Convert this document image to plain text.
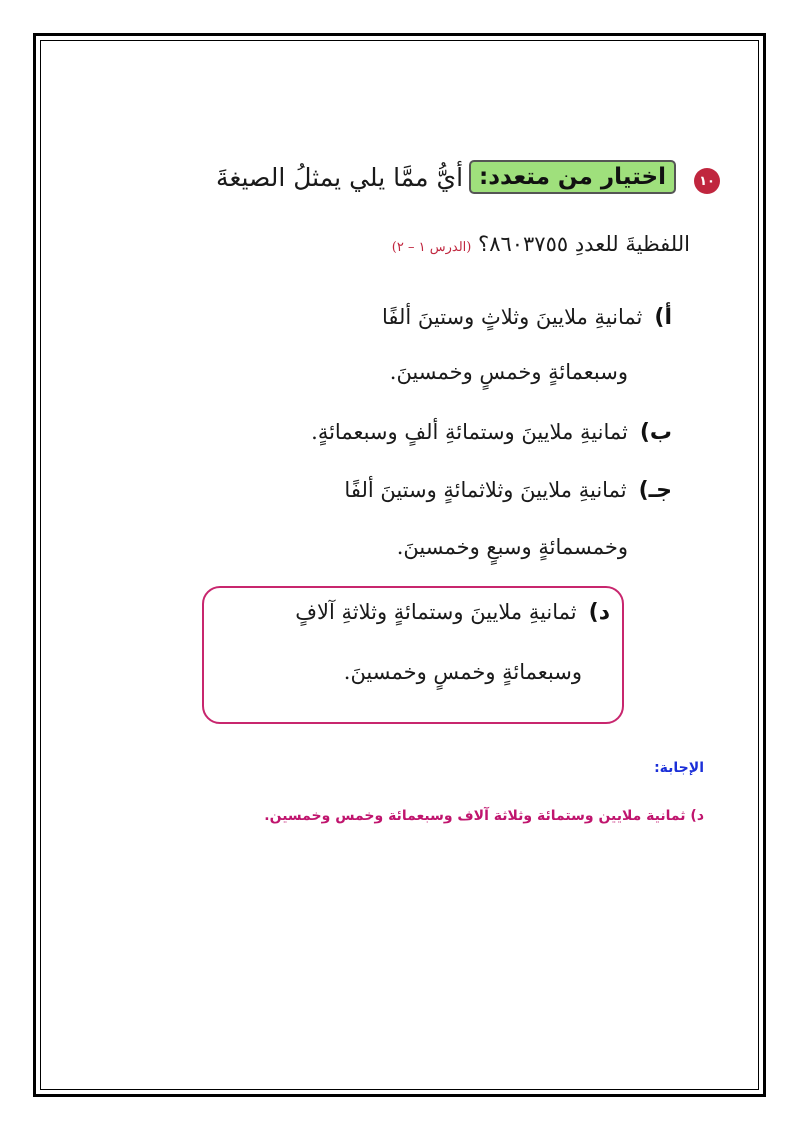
١٠
اختيار من متعدد:
أيُّ ممَّا يلي يمثلُ الصيغةَ
اللفظيةَ للعددِ ٨٦٠٣٧٥٥؟ (الدرس ١ – ٢)
أ)ثمانيةِ ملايينَ وثلاثٍ وستينَ ألفًا
وسبعمائةٍ وخمسٍ وخمسينَ.
ب)ثمانيةِ ملايينَ وستمائةِ ألفٍ وسبعمائةٍ.
جـ)ثمانيةِ ملايينَ وثلاثمائةٍ وستينَ ألفًا
وخمسمائةٍ وسبعٍ وخمسينَ.
د)ثمانيةِ ملايينَ وستمائةٍ وثلاثةِ آلافٍ
وسبعمائةٍ وخمسٍ وخمسينَ.
الإجابة:
د) ثمانية ملايين وستمائة وثلاثة آلاف وسبعمائة وخمس وخمسين.
